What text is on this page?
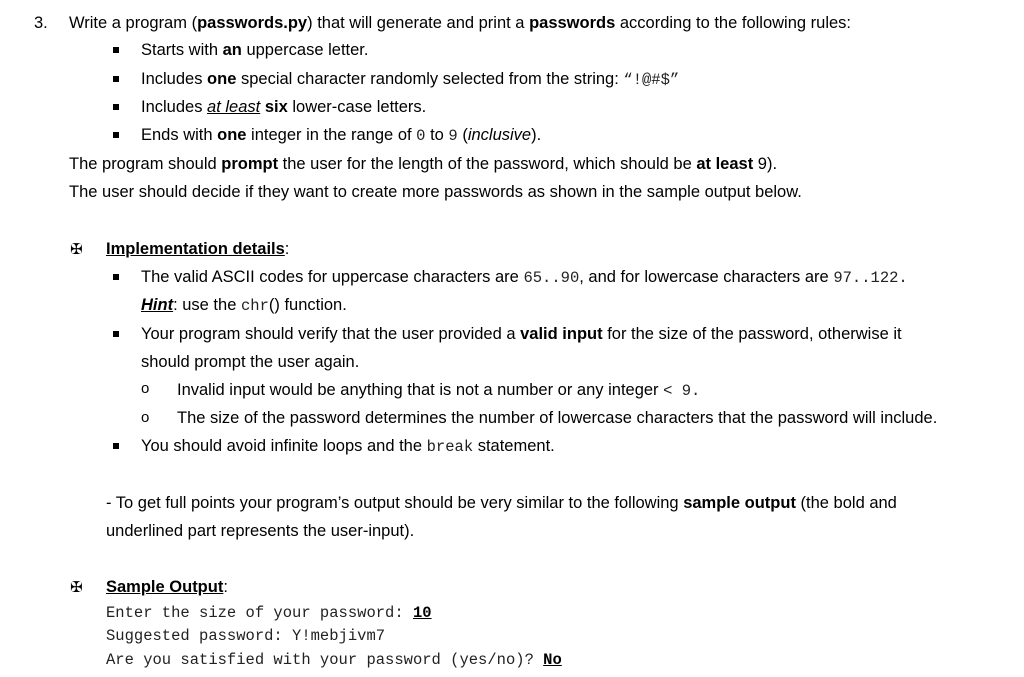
3. Write a program (passwords.py) that will generate and print a passwords according to the following rules:
Starts with an uppercase letter.
Includes one special character randomly selected from the string: “!@#$”
Includes at least six lower-case letters.
Ends with one integer in the range of 0 to 9 (inclusive).
The program should prompt the user for the length of the password, which should be at least 9).
The user should decide if they want to create more passwords as shown in the sample output below.
✠ Implementation details:
The valid ASCII codes for uppercase characters are 65..90, and for lowercase characters are 97..122.
Hint: use the chr() function.
Your program should verify that the user provided a valid input for the size of the password, otherwise it
should prompt the user again.
o Invalid input would be anything that is not a number or any integer < 9.
o The size of the password determines the number of lowercase characters that the password will include.
You should avoid infinite loops and the break statement.
- To get full points your program’s output should be very similar to the following sample output (the bold and
underlined part represents the user-input).
✠ Sample Output:
Enter the size of your password: 10
Suggested password: Y!mebjivm7
Are you satisfied with your password (yes/no)? No
